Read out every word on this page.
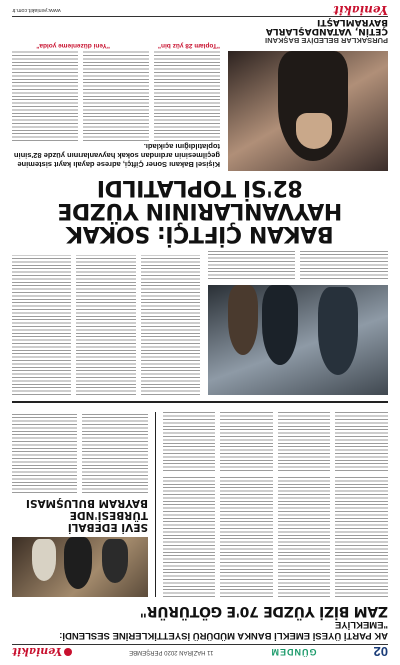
02
GÜNDEM
11 HAZİRAN 2020 PERŞEMBE
Yeniakit
AK PARTİ ÜYESİ EMEKLİ BANKA MÜDÜRÜ İSYETTİKLERİNE SESLENDİ: "EMEKLİYE
ZAM BİZİ YÜZDE 70'E GÖTÜRÜR"
SEVİ EDEBALİ
TÜRBESİ'NDE
BAYRAM BULUŞMASI
BAKAN ÇİFTÇİ: SOKAK
HAYVANLARININ YÜZDE
82'Sİ TOPLATILDI
Kişisel Bakanı Soner Çiftçi, adrese dayalı kayıt sistemine geçilmesinin ardından sokak hayvanlarının yüzde 82'sinin toplatıldığını açıkladı.
"Toplam 28 yüz bin"
"Yeni düzenleme yolda"
PURSAKLAR BELEDİYE BAŞKANI
ÇETİN, VATANDAŞLARLA BAYRAMLAŞTI
Yeniakit
www.yeniakit.com.tr
